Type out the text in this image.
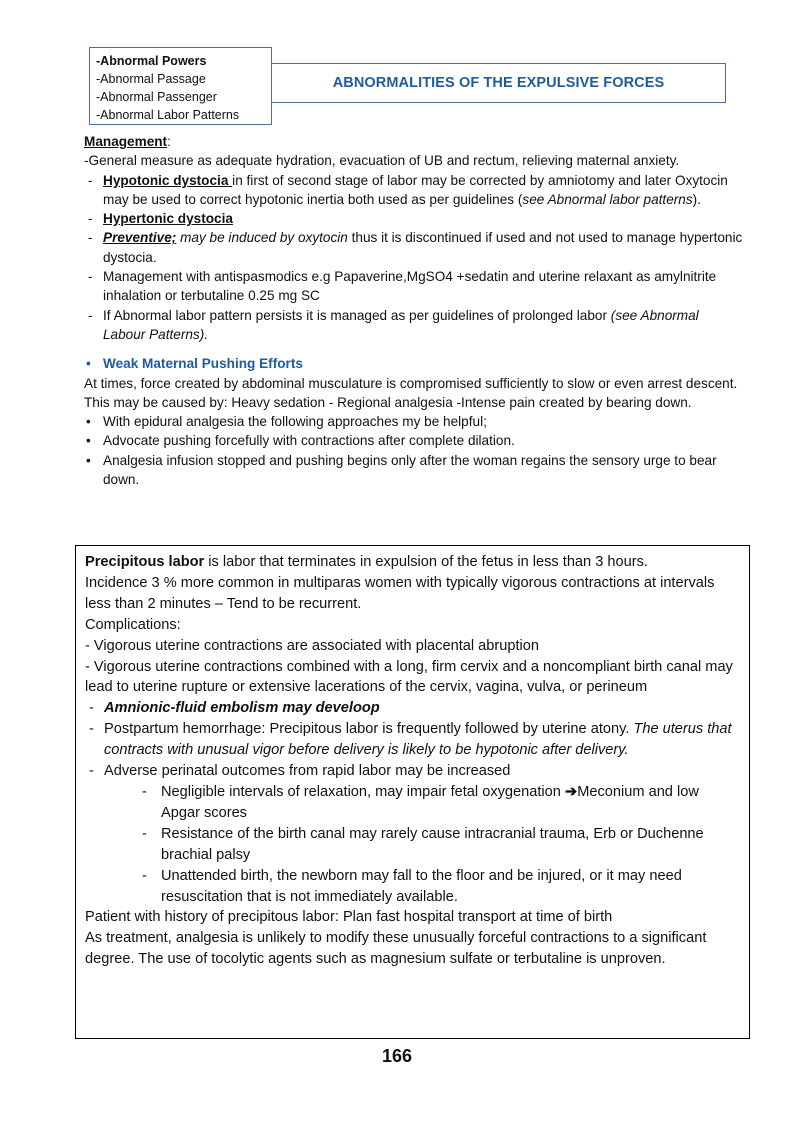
-Abnormal Powers
-Abnormal Passage
-Abnormal Passenger
-Abnormal Labor Patterns
ABNORMALITIES OF THE EXPULSIVE FORCES

Management:

-General measure as adequate hydration, evacuation of UB and rectum, relieving maternal anxiety.

- Hypotonic dystocia in first of second stage of labor may be corrected by amniotomy and later Oxytocin may be used to correct hypotonic inertia both used as per guidelines (see Abnormal labor patterns).

- Hypertonic dystocia

- Preventive; may be induced by oxytocin thus it is discontinued if used and not used to manage hypertonic dystocia.

- Management with antispasmodics e.g Papaverine,MgSO4 +sedatin and uterine relaxant as amylnitrite inhalation or terbutaline 0.25 mg SC

- If Abnormal labor pattern persists it is managed as per guidelines of prolonged labor (see Abnormal Labour Patterns).

• Weak Maternal Pushing Efforts

At times, force created by abdominal musculature is compromised sufficiently to slow or even arrest descent.

This may be caused by: Heavy sedation - Regional analgesia -Intense pain created by bearing down.

• With epidural analgesia the following approaches my be helpful;

• Advocate pushing forcefully with contractions after complete dilation.

• Analgesia infusion stopped and pushing begins only after the woman regains the sensory urge to bear down.

Precipitous labor is labor that terminates in expulsion of the fetus in less than 3 hours.

Incidence 3 % more common in multiparas women with typically vigorous contractions at intervals less than 2 minutes – Tend to be recurrent.

Complications:

- Vigorous uterine contractions are associated with placental abruption

- Vigorous uterine contractions combined with a long, firm cervix and a noncompliant birth canal may lead to uterine rupture or extensive lacerations of the cervix, vagina, vulva, or perineum

- Amnionic-fluid embolism may develoop

- Postpartum hemorrhage: Precipitous labor is frequently followed by uterine atony. The uterus that contracts with unusual vigor before delivery is likely to be hypotonic after delivery.

- Adverse perinatal outcomes from rapid labor may be increased

- Negligible intervals of relaxation, may impair fetal oxygenation ➔Meconium and low Apgar scores

- Resistance of the birth canal may rarely cause intracranial trauma, Erb or Duchenne brachial palsy

- Unattended birth, the newborn may fall to the floor and be injured, or it may need resuscitation that is not immediately available.

Patient with history of precipitous labor: Plan fast hospital transport at time of birth

As treatment, analgesia is unlikely to modify these unusually forceful contractions to a significant degree. The use of tocolytic agents such as magnesium sulfate or terbutaline is unproven.

166
